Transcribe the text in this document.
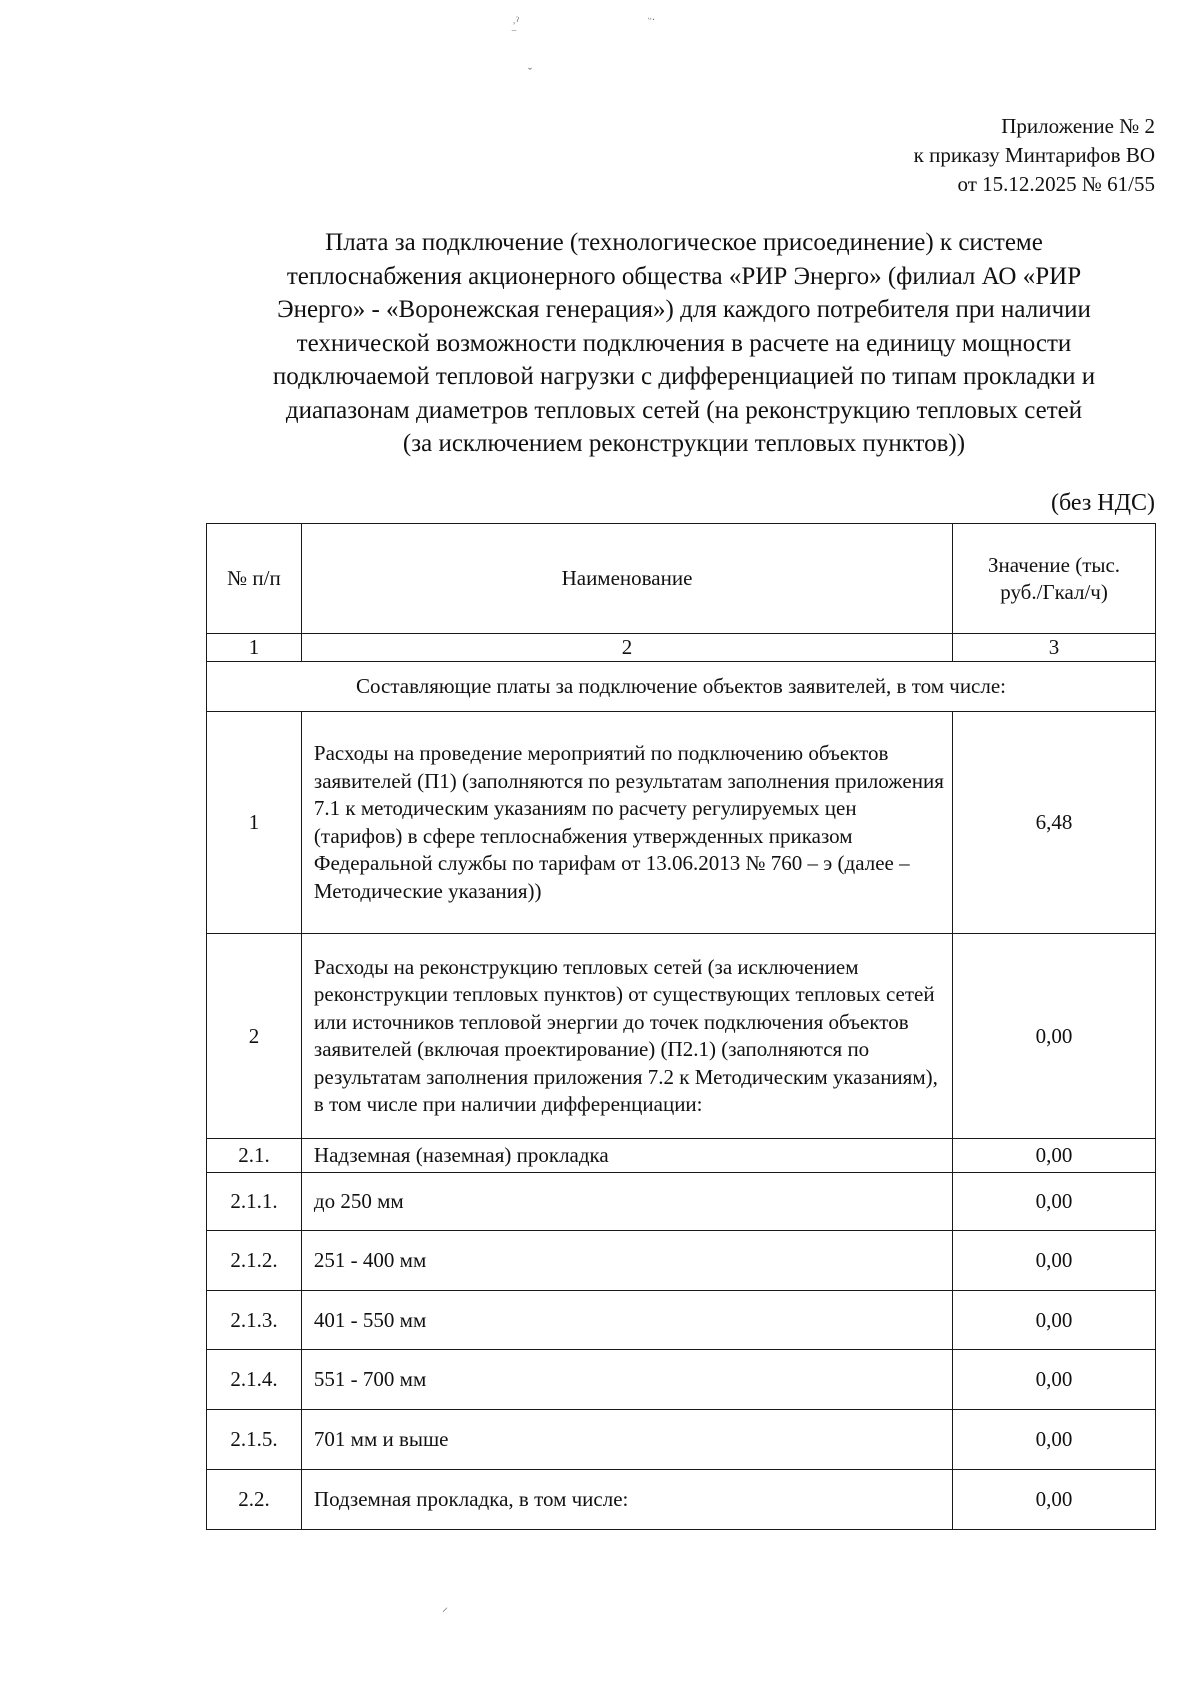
˒ˀ ‾
ᵕ·
ˬ
⸝
Приложение № 2
к приказу Минтарифов ВО
от 15.12.2025 № 61/55
Плата за подключение (технологическое присоединение) к системе
теплоснабжения акционерного общества «РИР Энерго» (филиал АО «РИР
Энерго» - «Воронежская генерация») для каждого потребителя при наличии
технической возможности подключения в расчете на единицу мощности
подключаемой тепловой нагрузки с дифференциацией по типам прокладки и
диапазонам диаметров тепловых сетей (на реконструкцию тепловых сетей
(за исключением реконструкции тепловых пунктов))
(без НДС)
№ п/п	Наименование	Значение (тыс. руб./Гкал/ч)
1	2	3
Составляющие платы за подключение объектов заявителей, в том числе:		
1	Расходы на проведение мероприятий по подключению объектов заявителей (П1) (заполняются по результатам заполнения приложения 7.1 к методическим указаниям по расчету регулируемых цен (тарифов) в сфере теплоснабжения утвержденных приказом Федеральной службы по тарифам от 13.06.2013 № 760 – э (далее – Методические указания))	6,48
2	Расходы на реконструкцию тепловых сетей (за исключением реконструкции тепловых пунктов) от существующих тепловых сетей или источников тепловой энергии до точек подключения объектов заявителей (включая проектирование) (П2.1) (заполняются по результатам заполнения приложения 7.2 к Методическим указаниям), в том числе при наличии дифференциации:	0,00
2.1.	Надземная (наземная) прокладка	0,00
2.1.1.	до 250 мм	0,00
2.1.2.	251 - 400 мм	0,00
2.1.3.	401 - 550 мм	0,00
2.1.4.	551 - 700 мм	0,00
2.1.5.	701 мм и выше	0,00
2.2.	Подземная прокладка, в том числе:	0,00
